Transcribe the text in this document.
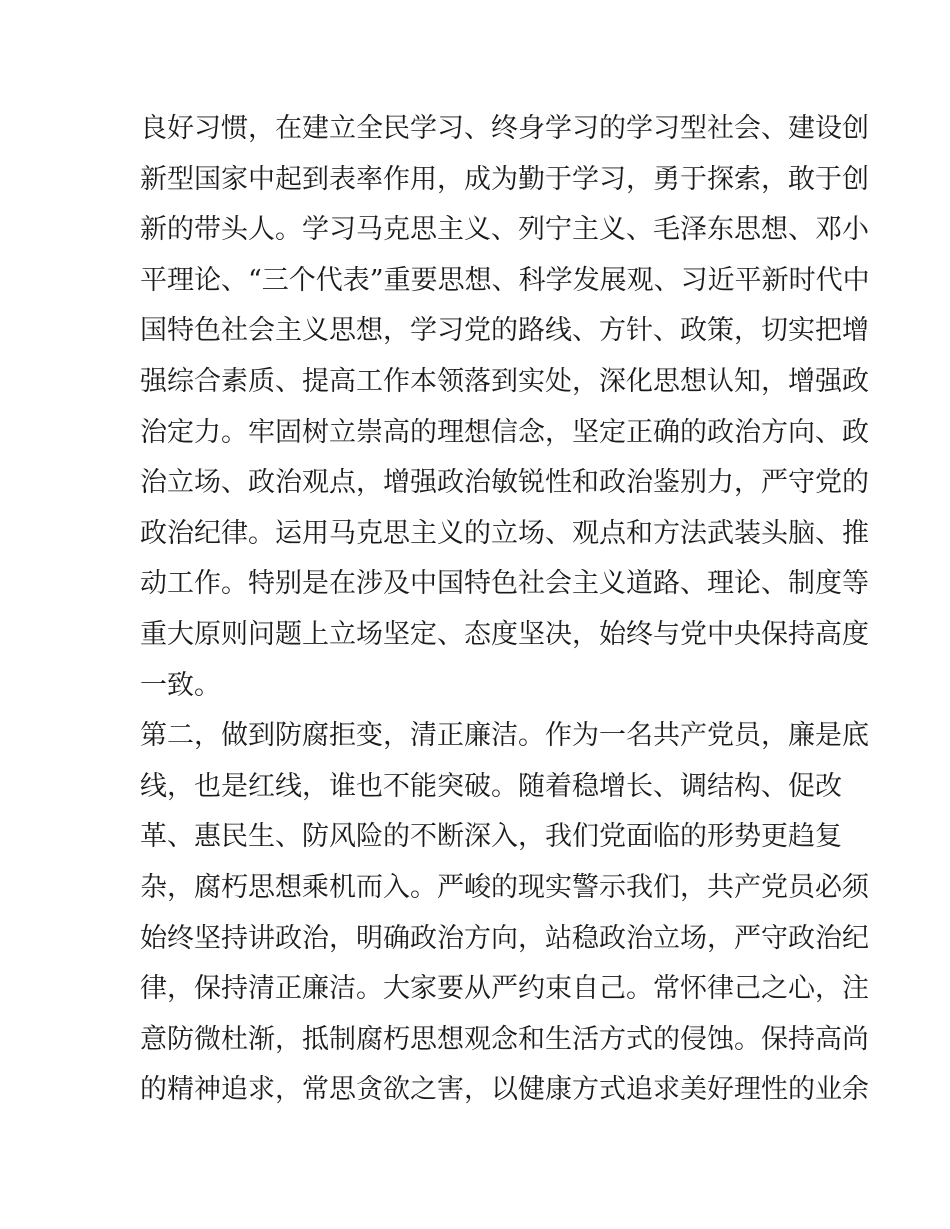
良好习惯，在建立全民学习、终身学习的学习型社会、建设创
新型国家中起到表率作用，成为勤于学习，勇于探索，敢于创
新的带头人。学习马克思主义、列宁主义、毛泽东思想、邓小
平理论、“三个代表”重要思想、科学发展观、习近平新时代中
国特色社会主义思想，学习党的路线、方针、政策，切实把增
强综合素质、提高工作本领落到实处，深化思想认知，增强政
治定力。牢固树立崇高的理想信念，坚定正确的政治方向、政
治立场、政治观点，增强政治敏锐性和政治鉴别力，严守党的
政治纪律。运用马克思主义的立场、观点和方法武装头脑、推
动工作。特别是在涉及中国特色社会主义道路、理论、制度等
重大原则问题上立场坚定、态度坚决，始终与党中央保持高度
一致。
第二，做到防腐拒变，清正廉洁。作为一名共产党员，廉是底
线，也是红线，谁也不能突破。随着稳增长、调结构、促改
革、惠民生、防风险的不断深入，我们党面临的形势更趋复
杂，腐朽思想乘机而入。严峻的现实警示我们，共产党员必须
始终坚持讲政治，明确政治方向，站稳政治立场，严守政治纪
律，保持清正廉洁。大家要从严约束自己。常怀律己之心，注
意防微杜渐，抵制腐朽思想观念和生活方式的侵蚀。保持高尚
的精神追求，常思贪欲之害，以健康方式追求美好理性的业余
